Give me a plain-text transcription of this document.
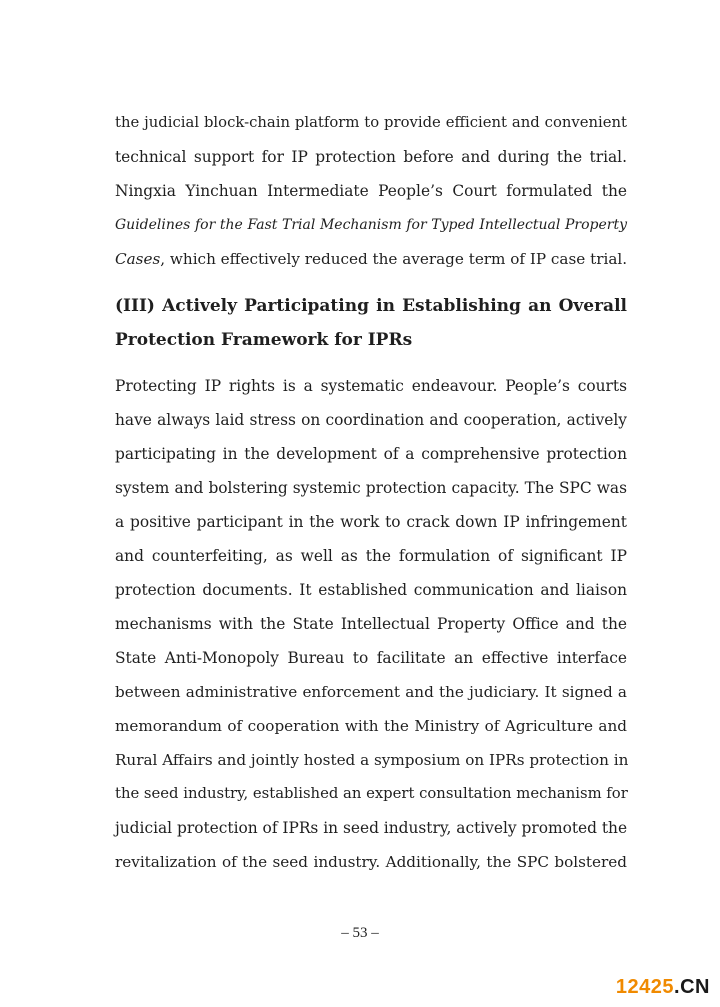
the judicial block-chain platform to provide efficient and convenient
technical support for IP protection before and during the trial.
Ningxia Yinchuan Intermediate People’s Court formulated the
Guidelines for the Fast Trial Mechanism for Typed Intellectual Property
Cases, which effectively reduced the average term of IP case trial.
(III) Actively Participating in Establishing an Overall
Protection Framework for IPRs
Protecting IP rights is a systematic endeavour. People’s courts
have always laid stress on coordination and cooperation, actively
participating in the development of a comprehensive protection
system and bolstering systemic protection capacity. The SPC was
a positive participant in the work to crack down IP infringement
and counterfeiting, as well as the formulation of significant IP
protection documents. It established communication and liaison
mechanisms with the State Intellectual Property Office and the
State Anti-Monopoly Bureau to facilitate an effective interface
between administrative enforcement and the judiciary. It signed a
memorandum of cooperation with the Ministry of Agriculture and
Rural Affairs and jointly hosted a symposium on IPRs protection in
the seed industry, established an expert consultation mechanism for
judicial protection of IPRs in seed industry, actively promoted the
revitalization of the seed industry. Additionally, the SPC bolstered
– 53 –
12425.CN
